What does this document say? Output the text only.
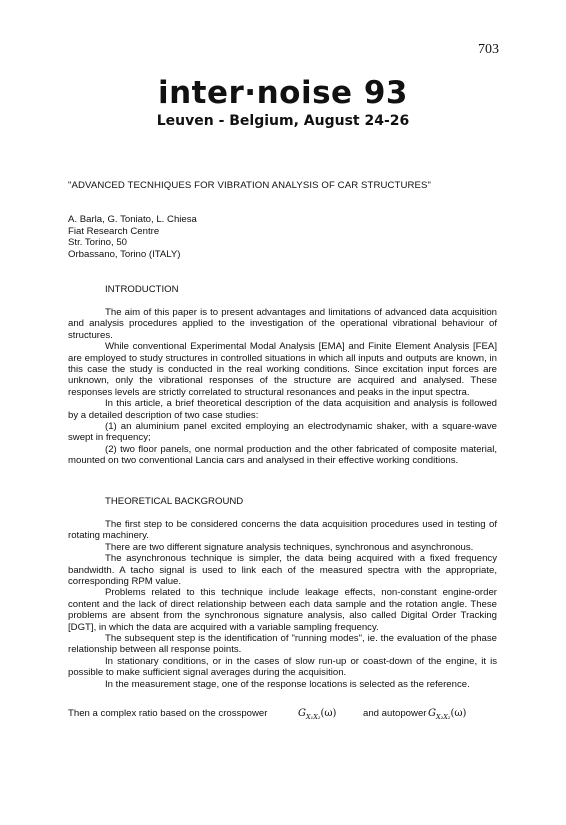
703
inter·noise 93
Leuven - Belgium, August 24-26
"ADVANCED TECNHIQUES FOR VIBRATION ANALYSIS OF CAR STRUCTURES"
A. Barla, G. Toniato, L. Chiesa
Fiat Research Centre
Str. Torino, 50
Orbassano, Torino (ITALY)
INTRODUCTION

The aim of this paper is to present advantages and limitations of advanced data acquisition and analysis procedures applied to the investigation of the operational vibrational behaviour of structures.

While conventional Experimental Modal Analysis [EMA] and Finite Element Analysis [FEA] are employed to study structures in controlled situations in which all inputs and outputs are known, in this case the study is conducted in the real working conditions. Since excitation input forces are unknown, only the vibrational responses of the structure are acquired and analysed. These responses levels are strictly correlated to structural resonances and peaks in the input spectra.

In this article, a brief theoretical description of the data acquisition and analysis is followed by a detailed description of two case studies:

(1) an aluminium panel excited employing an electrodynamic shaker, with a square-wave swept in frequency;

(2) two floor panels, one normal production and the other fabricated of composite material, mounted on two conventional Lancia cars and analysed in their effective working conditions.

THEORETICAL BACKGROUND

The first step to be considered concerns the data acquisition procedures used in testing of rotating machinery.

There are two different signature analysis techniques, synchronous and asynchronous.

The asynchronous technique is simpler, the data being acquired with a fixed frequency bandwidth. A tacho signal is used to link each of the measured spectra with the appropriate, corresponding RPM value.

Problems related to this technique include leakage effects, non-constant engine-order content and the lack of direct relationship between each data sample and the rotation angle. These problems are absent from the synchronous signature analysis, also called Digital Order Tracking [DGT], in which the data are acquired with a variable sampling frequency.

The subsequent step is the identification of "running modes", ie. the evaluation of the phase relationship between all response points.

In stationary conditions, or in the cases of slow run-up or coast-down of the engine, it is possible to make sufficient signal averages during the acquisition.

In the measurement stage, one of the response locations is selected as the reference.

Then a complex ratio based on the crosspower	$G_{X_1X_2}(\omega)$	and autopower $G_{X_2X_2}(\omega)$
